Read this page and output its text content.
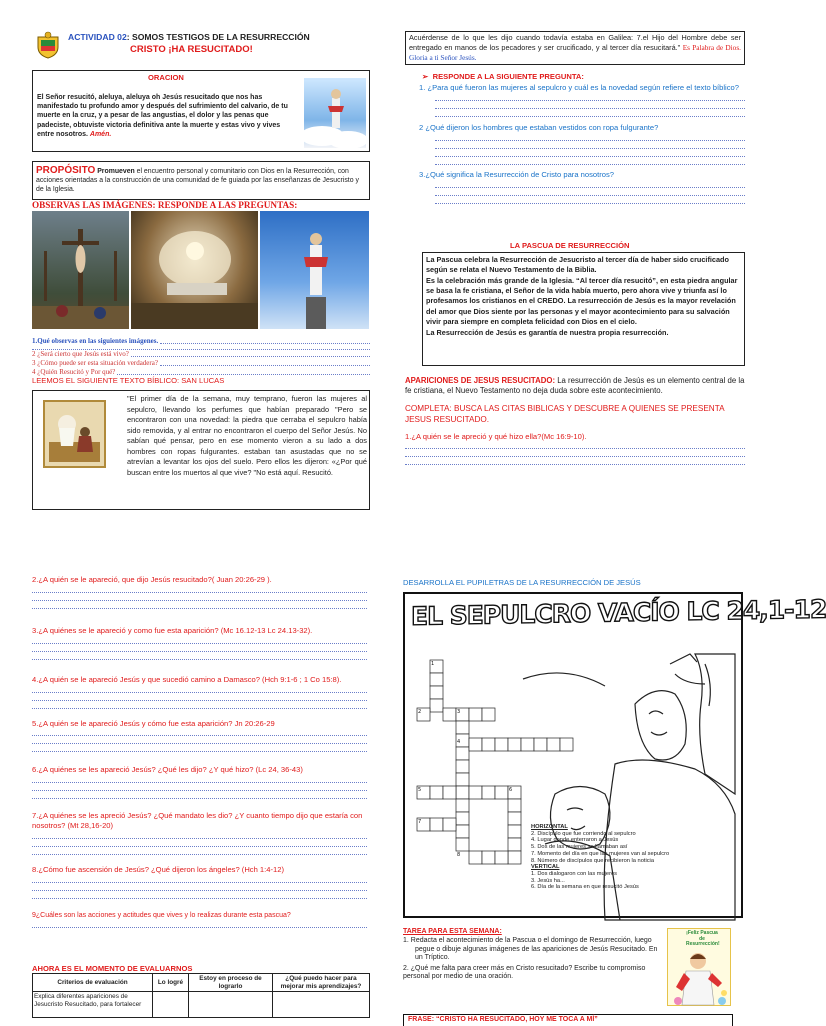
ACTIVIDAD 02: SOMOS TESTIGOS DE LA RESURRECCIÓN
CRISTO ¡HA RESUCITADO!
ORACION
El Señor resucitó, aleluya, aleluya oh Jesús resucitado que nos has manifestado tu profundo amor y después del sufrimiento del calvario, de tu muerte en la cruz, y a pesar de las angustias, el dolor y las penas que padeciste, obtuviste victoria definitiva ante la muerte y estas vivo y vives entre nosotros. Amén.
PROPÓSITO Promueven el encuentro personal y comunitario con Dios en la Resurrección, con acciones orientadas a la construcción de una comunidad de fe guiada por las enseñanzas de Jesucristo y de la Iglesia.
OBSERVAS LAS IMÁGENES: RESPONDE A LAS PREGUNTAS:
1.Qué observas en las siguientes imágenes.
2 ¿Será cierto que Jesús está vivo?
3 ¿Cómo puede ser esta situación verdadera?
4 ¿Quién Resucitó y Por qué?
LEEMOS EL SIGUIENTE TEXTO BÍBLICO: SAN LUCAS
"El primer día de la semana, muy temprano, fueron las mujeres al sepulcro, llevando los perfumes que habían preparado "Pero se encontraron con una novedad: la piedra que cerraba el sepulcro había sido removida, y al entrar no encontraron el cuerpo del Señor Jesús. No sabían qué pensar, pero en ese momento vieron a su lado a dos hombres con ropas fulgurantes. estaban tan asustadas que no se atrevían a levantar los ojos del suelo. Pero ellos les dijeron: «¿Por qué buscan entre los muertos al que vive? "No está aquí. Resucitó.
Acuérdense de lo que les dijo cuando todavía estaba en Galilea: 7.el Hijo del Hombre debe ser entregado en manos de los pecadores y ser crucificado, y al tercer día resucitará." Es Palabra de Dios. Gloria a ti Señor Jesús.
➢  RESPONDE A LA SIGUIENTE PREGUNTA:
1. ¿Para qué fueron las mujeres al sepulcro y cuál es la novedad según refiere el texto bíblico?
2 ¿Qué dijeron los hombres que estaban vestidos con ropa fulgurante?
3.¿Qué significa la Resurrección de Cristo para nosotros?
LA PASCUA DE RESURRECCIÓN
La Pascua celebra la Resurrección de Jesucristo al tercer día de haber sido crucificado según se relata el Nuevo Testamento de la Biblia.
Es la celebración más grande de la Iglesia. “Al tercer día resucitó”, en esta piedra angular se basa la fe cristiana, el Señor de la vida había muerto, pero ahora vive y triunfa así lo profesamos los cristianos en el CREDO. La resurrección de Jesús es la mayor revelación del amor que Dios siente por las personas y el mayor acontecimiento para su salvación vivir para siempre en completa felicidad con Dios en el cielo.
La Resurrección de Jesús es garantía de nuestra propia resurrección.
APARICIONES DE JESUS RESUCITADO: La resurrección de Jesús es un elemento central de la fe cristiana, el Nuevo Testamento no deja duda sobre este acontecimiento.
COMPLETA: BUSCA LAS CITAS BIBLICAS Y DESCUBRE A QUIENES SE PRESENTA JESUS RESUCITADO.
1.¿A quién se le apreció y qué hizo ella?(Mc 16:9-10).
2.¿A quién se le apareció, que dijo Jesús resucitado?( Juan 20:26-29 ).
3.¿A quiénes se le apareció y como fue esta aparición? (Mc 16.12-13 Lc 24.13-32).
4.¿A quién se le apareció Jesús y que sucedió camino a Damasco? (Hch 9:1-6 ; 1 Co 15:8).
5.¿A quién se le apareció Jesús y cómo fue esta aparición? Jn 20:26-29
6.¿A quiénes se les apareció Jesús? ¿Qué les dijo? ¿Y qué hizo? (Lc 24, 36-43)
7.¿A quiénes se les apreció Jesús? ¿Qué mandato les dio? ¿Y cuanto tiempo dijo que estaría con nosotros? (Mt 28,16-20)
8.¿Cómo fue ascensión de Jesús? ¿Qué dijeron los ángeles? (Hch 1:4-12)
9¿Cuáles son las acciones y actitudes que vives y lo realizas durante esta pascua?
AHORA ES EL MOMENTO DE EVALUARNOS
Criterios de evaluación	Lo logré	Estoy en proceso de lograrlo	¿Qué puedo hacer para mejorar mis aprendizajes?
Explica diferentes apariciones de Jesucristo Resucitado, para fortalecer			
DESARROLLA EL PUPILETRAS DE LA RESURRECCIÓN DE JESÚS
EL SEPULCRO VACÍO LC 24,1-12
1
2	3
4
5	6
7
8
HORIZONTAL
2. Discípulo que fue corriendo al sepulcro
4. Lugar donde enterraron a Jesús
5. Dos de las mujeres se llamaban así
7. Momento del día en que las mujeres van al sepulcro
8. Número de discípulos que recibieron la noticia
VERTICAL
1. Dos dialogaron con las mujeres
3. Jesús ha...
6. Día de la semana en que resucitó Jesús
TAREA PARA ESTA SEMANA:
1. Redacta el acontecimiento de la Pascua o el domingo de Resurrección, luego pegue o dibuje algunas imágenes de las apariciones de Jesús Resucitado. En un Tríptico.
2. ¿Qué me falta para creer más en Cristo resucitado? Escribe tu compromiso personal por medio de una oración.
¡Feliz Pascua de Resurrección!
FRASE: “CRISTO HA RESUCITADO, HOY ME TOCA A MÍ”
